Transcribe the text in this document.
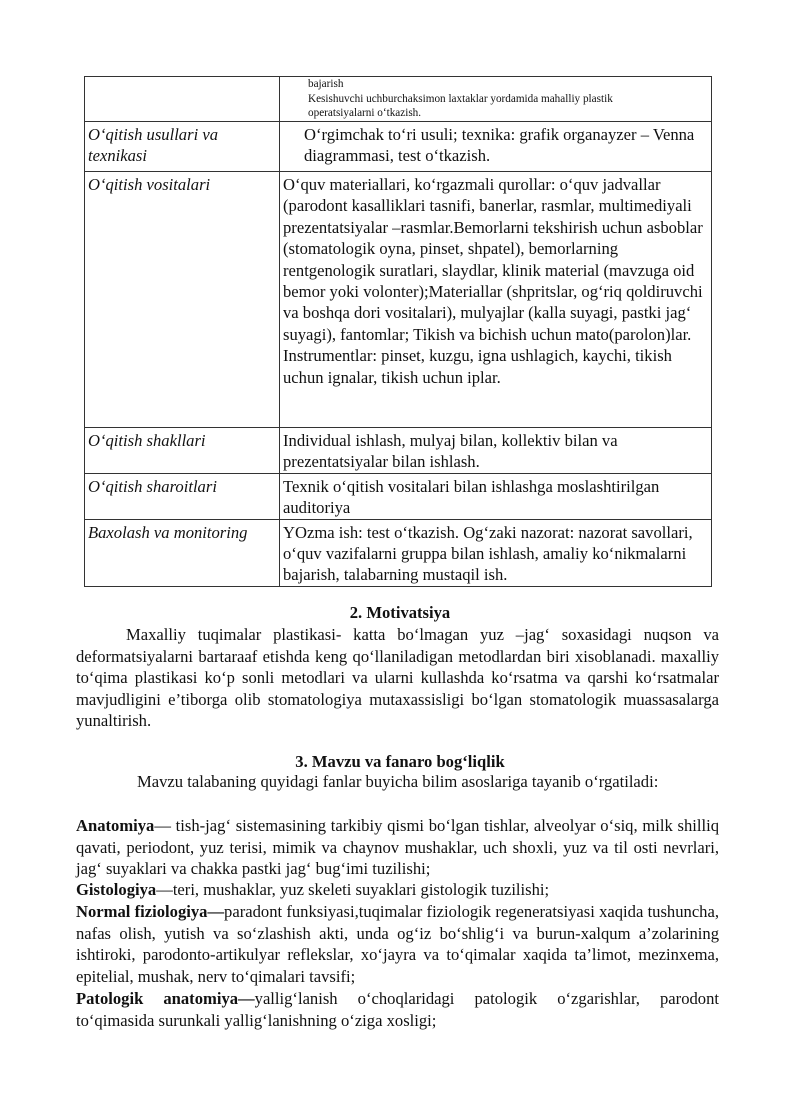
	bajarish
Kesishuvchi uchburchaksimon laxtaklar yordamida mahalliy plastik
operatsiyalarni o‘tkazish.

O‘qitish usullari va texnikasi	O‘rgimchak to‘ri usuli; texnika: grafik organayzer – Venna diagrammasi, test o‘tkazish.

O‘qitish vositalari	O‘quv materiallari, ko‘rgazmali qurollar: o‘quv jadvallar (parodont kasalliklari tasnifi, banerlar, rasmlar, multimediyali prezentatsiyalar –rasmlar.Bemorlarni tekshirish uchun asboblar (stomatologik oyna, pinset, shpatel), bemorlarning rentgenologik suratlari, slaydlar, klinik material (mavzuga oid bemor yoki volonter);Materiallar (shpritslar, og‘riq qoldiruvchi va boshqa dori vositalari), mulyajlar (kalla suyagi, pastki jag‘ suyagi), fantomlar; Tikish va bichish uchun mato(parolon)lar. Instrumentlar: pinset, kuzgu, igna ushlagich, kaychi, tikish uchun ignalar, tikish uchun iplar.

O‘qitish shakllari	Individual ishlash, mulyaj bilan, kollektiv bilan va prezentatsiyalar bilan ishlash.

O‘qitish sharoitlari	Texnik o‘qitish vositalari bilan ishlashga moslashtirilgan auditoriya

Baxolash va monitoring	YOzma ish: test o‘tkazish. Og‘zaki nazorat: nazorat savollari, o‘quv vazifalarni gruppa bilan ishlash, amaliy ko‘nikmalarni bajarish, talabarning mustaqil ish.
2. Motivatsiya
Maxalliy tuqimalar plastikasi- katta bo‘lmagan yuz –jag‘ soxasidagi nuqson va deformatsiyalarni bartaraaf etishda keng qo‘llaniladigan metodlardan biri xisoblanadi. maxalliy to‘qima plastikasi ko‘p sonli metodlari va ularni kullashda ko‘rsatma va qarshi ko‘rsatmalar mavjudligini e’tiborga olib stomatologiya mutaxassisligi bo‘lgan stomatologik muassasalarga yunaltirish.
3. Mavzu va fanaro bog‘liqlik
Mavzu talabaning quyidagi fanlar buyicha bilim asoslariga tayanib o‘rgatiladi:
Anatomiya— tish-jag‘ sistemasining tarkibiy qismi bo‘lgan tishlar, alveolyar o‘siq, milk shilliq qavati, periodont, yuz terisi, mimik va chaynov mushaklar, uch shoxli, yuz va til osti nevrlari, jag‘ suyaklari va chakka pastki jag‘ bug‘imi tuzilishi;
Gistologiya—teri, mushaklar, yuz skeleti suyaklari gistologik tuzilishi;
Normal fiziologiya—paradont funksiyasi,tuqimalar fiziologik regeneratsiyasi xaqida tushuncha, nafas olish, yutish va so‘zlashish akti, unda og‘iz bo‘shlig‘i va burun-xalqum a’zolarining ishtiroki, parodonto-artikulyar reflekslar, xo‘jayra va to‘qimalar xaqida ta’limot, mezinxema, epitelial, mushak, nerv to‘qimalari tavsifi;
Patologik anatomiya—yallig‘lanish o‘choqlaridagi patologik o‘zgarishlar, parodont to‘qimasida surunkali yallig‘lanishning o‘ziga xosligi;
